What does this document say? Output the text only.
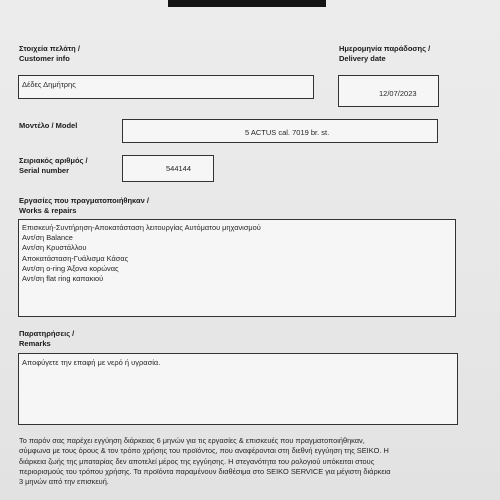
Στοιχεία πελάτη /
Customer info
Δέδες Δημήτρης
Ημερομηνία παράδοσης /
Delivery date
12/07/2023
Μοντέλο / Model
5 ACTUS cal. 7019 br. st.
Σειριακός αριθμός /
Serial number	544144
Εργασίες που πραγματοποιήθηκαν /
Works & repairs
Επισκευή-Συντήρηση-Αποκατάσταση λειτουργίας Αυτόματου μηχανισμού
Αντ/ση Balance
Αντ/ση Κρυστάλλου
Αποκατάσταση-Γυάλισμα Κάσας
Αντ/ση o-ring Άξονα κορώνας
Αντ/ση flat ring καπακιού
Παρατηρήσεις /
Remarks
Αποφύγετε την επαφή με νερό ή υγρασία.
Το παρόν σας παρέχει εγγύηση διάρκειας 6 μηνών για τις εργασίες & επισκευές που πραγματοποιήθηκαν,
σύμφωνα με τους όρους & τον τρόπο χρήσης του προϊόντος, που αναφέρονται στη διεθνή εγγύηση της SEIKO. Η
διάρκεια ζωής της μπαταρίας δεν αποτελεί μέρος της εγγύησης. Η στεγανότητα του ρολογιού υπόκειται στους
περιορισμούς του τρόπου χρήσης. Τα προϊόντα παραμένουν διαθέσιμα στο SEIKO SERVICE για μέγιστη διάρκεια
3 μηνών από την επισκευή.
